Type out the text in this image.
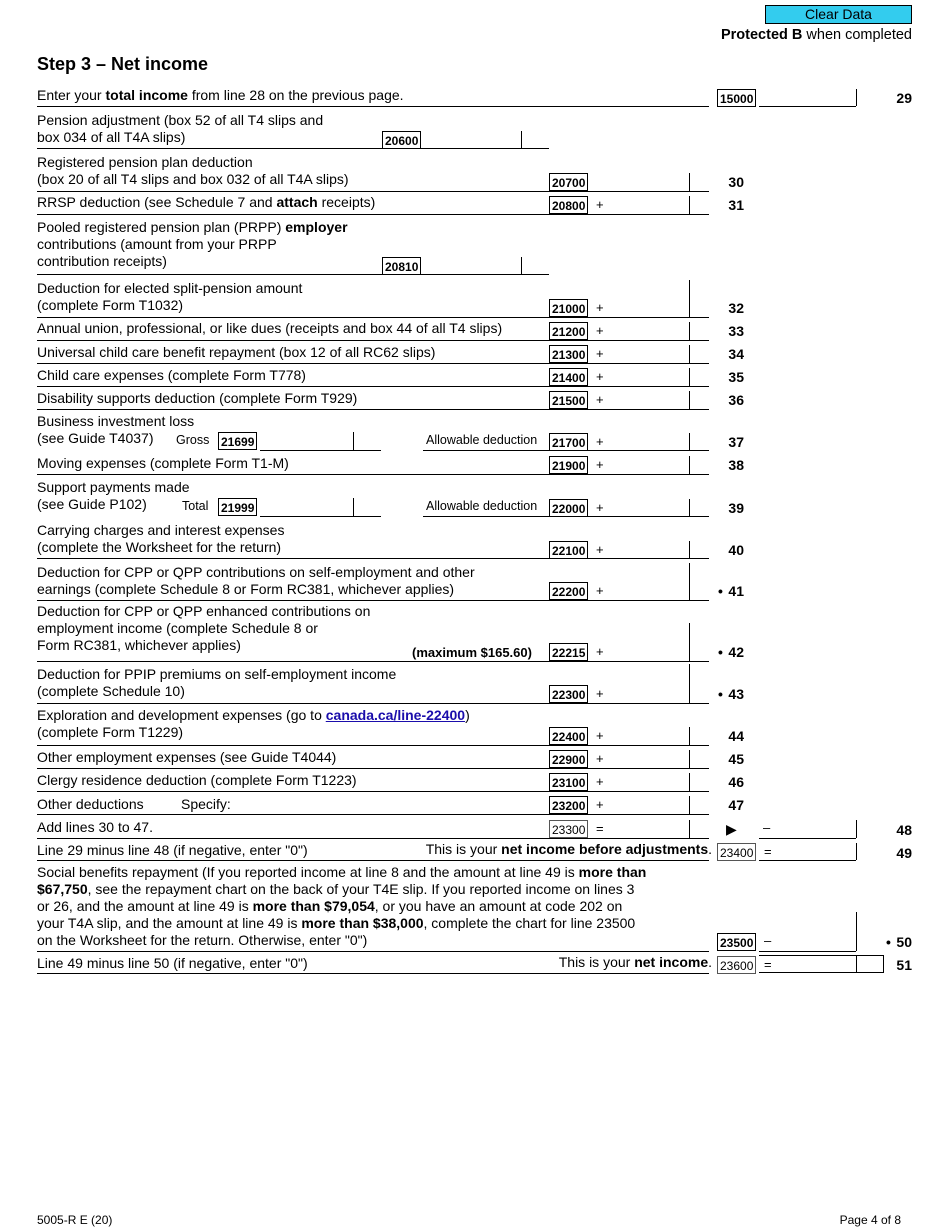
Clear Data
Protected B when completed
Step 3 – Net income
Enter your total income from line 28 on the previous page.	15000	29
Pension adjustment (box 52 of all T4 slips and
box 034 of all T4A slips)	20600
Registered pension plan deduction
(box 20 of all T4 slips and box 032 of all T4A slips)	20700	30
RRSP deduction (see Schedule 7 and attach receipts)	20800 +	31
Pooled registered pension plan (PRPP) employer
contributions (amount from your PRPP
contribution receipts)	20810
Deduction for elected split-pension amount
(complete Form T1032)	21000 +	32
Annual union, professional, or like dues (receipts and box 44 of all T4 slips)	21200 +	33
Universal child care benefit repayment (box 12 of all RC62 slips)	21300 +	34
Child care expenses (complete Form T778)	21400 +	35
Disability supports deduction (complete Form T929)	21500 +	36
Business investment loss
(see Guide T4037) Gross 21699	Allowable deduction 21700 +	37
Moving expenses (complete Form T1-M)	21900 +	38
Support payments made
(see Guide P102)	Total 21999	Allowable deduction 22000 +	39
Carrying charges and interest expenses
(complete the Worksheet for the return)	22100 +	40
Deduction for CPP or QPP contributions on self-employment and other
earnings (complete Schedule 8 or Form RC381, whichever applies)	22200 +	• 41
Deduction for CPP or QPP enhanced contributions on
employment income (complete Schedule 8 or
Form RC381, whichever applies)	(maximum $165.60) 22215 +	• 42
Deduction for PPIP premiums on self-employment income
(complete Schedule 10)	22300 +	• 43
Exploration and development expenses (go to canada.ca/line-22400)
(complete Form T1229)	22400 +	44
Other employment expenses (see Guide T4044)	22900 +	45
Clergy residence deduction (complete Form T1223)	23100 +	46
Other deductions	Specify:	23200 +	47
Add lines 30 to 47.	23300 =	▶ –	48
Line 29 minus line 48 (if negative, enter "0")	This is your net income before adjustments. 23400 =	49
Social benefits repayment (If you reported income at line 8 and the amount at line 49 is more than
$67,750, see the repayment chart on the back of your T4E slip. If you reported income on lines 3
or 26, and the amount at line 49 is more than $79,054, or you have an amount at code 202 on
your T4A slip, and the amount at line 49 is more than $38,000, complete the chart for line 23500
on the Worksheet for the return. Otherwise, enter "0")	23500 –	• 50
Line 49 minus line 50 (if negative, enter "0")	This is your net income. 23600 =	51
5005-R E (20)	Page 4 of 8
